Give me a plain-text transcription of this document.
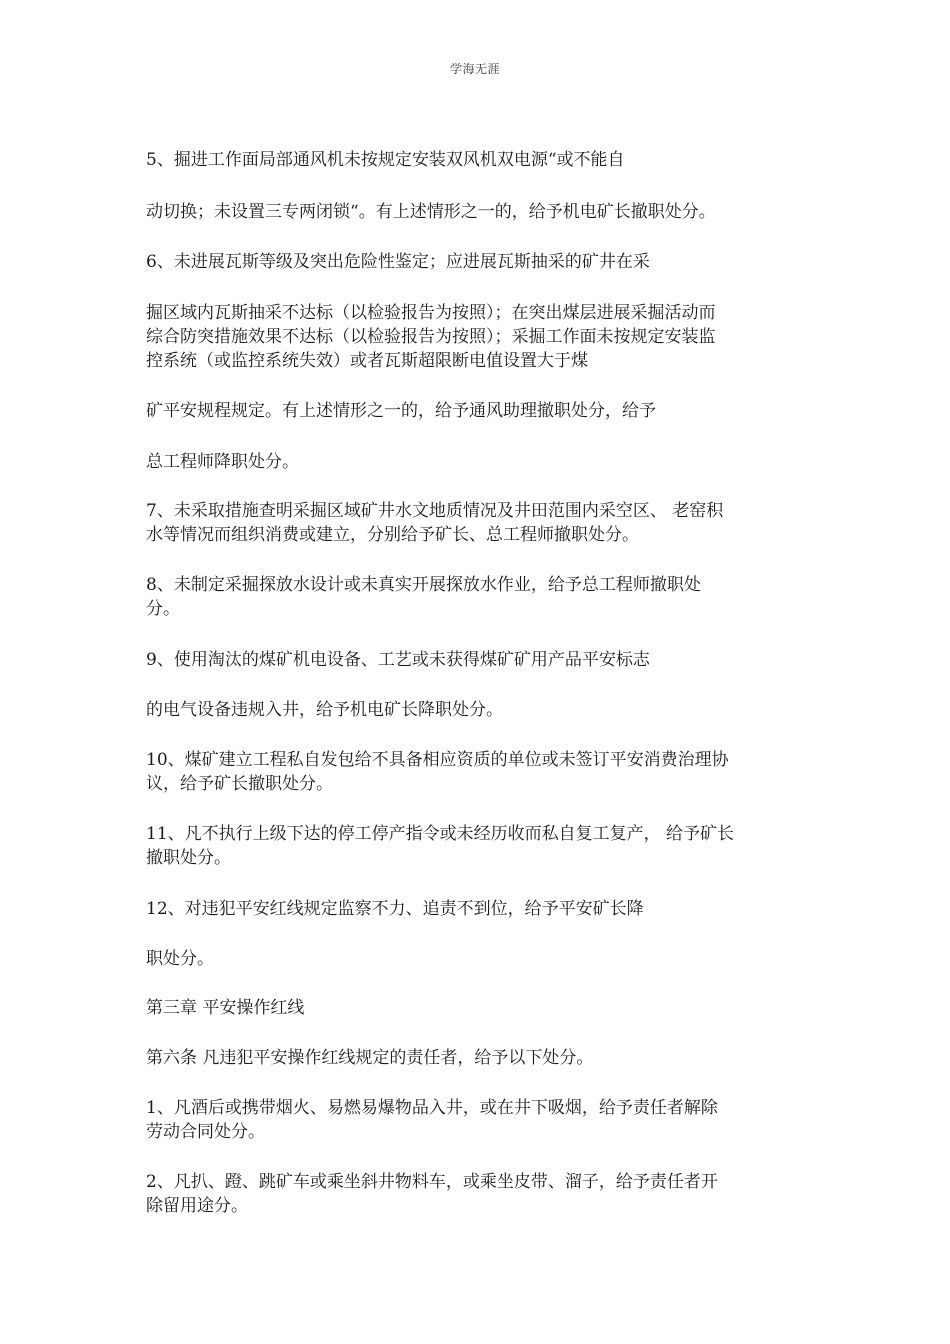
学海无涯
5、掘进工作面局部通风机未按规定安装双风机双电源“或不能自
动切换；未设置三专两闭锁“。有上述情形之一的，给予机电矿长撤职处分。
6、未进展瓦斯等级及突出危险性鉴定；应进展瓦斯抽采的矿井在采
掘区域内瓦斯抽采不达标（以检验报告为按照）；在突出煤层进展采掘活动而
综合防突措施效果不达标（以检验报告为按照）；采掘工作面未按规定安装监
控系统（或监控系统失效）或者瓦斯超限断电值设置大于煤
矿平安规程规定。有上述情形之一的，给予通风助理撤职处分，给予
总工程师降职处分。
7、未采取措施查明采掘区域矿井水文地质情况及井田范围内采空区、 老窑积
水等情况而组织消费或建立，分别给予矿长、总工程师撤职处分。
8、未制定采掘探放水设计或未真实开展探放水作业，给予总工程师撤职处
分。
9、使用淘汰的煤矿机电设备、工艺或未获得煤矿矿用产品平安标志
的电气设备违规入井，给予机电矿长降职处分。
10、煤矿建立工程私自发包给不具备相应资质的单位或未签订平安消费治理协
议，给予矿长撤职处分。
11、凡不执行上级下达的停工停产指令或未经历收而私自复工复产， 给予矿长
撤职处分。
12、对违犯平安红线规定监察不力、追责不到位，给予平安矿长降
职处分。
第三章 平安操作红线
第六条 凡违犯平安操作红线规定的责任者，给予以下处分。
1、凡酒后或携带烟火、易燃易爆物品入井，或在井下吸烟，给予责任者解除
劳动合同处分。
2、凡扒、蹬、跳矿车或乘坐斜井物料车，或乘坐皮带、溜子，给予责任者开
除留用途分。
